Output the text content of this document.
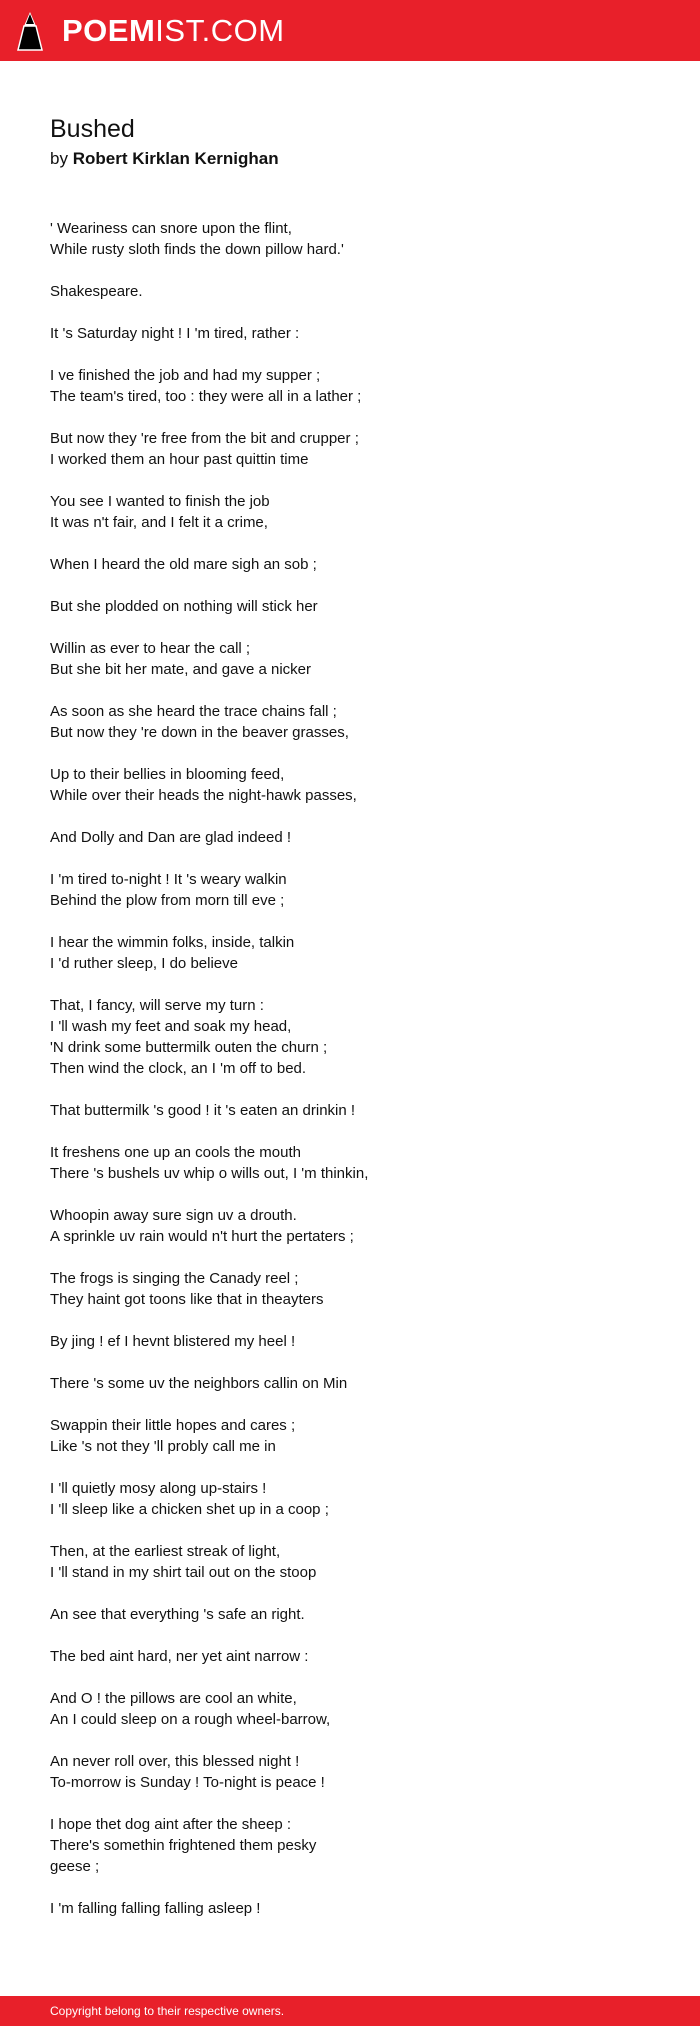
POEMIST.COM
Bushed
by Robert Kirklan Kernighan

' Weariness can snore upon the flint,
While rusty sloth finds the down pillow hard.'

Shakespeare.

It 's Saturday night ! I 'm tired, rather :

I ve finished the job and had my supper ;
The team's tired, too : they were all in a lather ;

But now they 're free from the bit and crupper ;
I worked them an hour past quittin time

You see I wanted to finish the job
It was n't fair, and I felt it a crime,

When I heard the old mare sigh an sob ;

But she plodded on nothing will stick her

Willin as ever to hear the call ;
But she bit her mate, and gave a nicker

As soon as she heard the trace chains fall ;
But now they 're down in the beaver grasses,

Up to their bellies in blooming feed,
While over their heads the night-hawk passes,

And Dolly and Dan are glad indeed !

I 'm tired to-night ! It 's weary walkin
Behind the plow from morn till eve ;

I hear the wimmin folks, inside, talkin
I 'd ruther sleep, I do believe

That, I fancy, will serve my turn :
I 'll wash my feet and soak my head,
'N drink some buttermilk outen the churn ;
Then wind the clock, an I 'm off to bed.

That buttermilk 's good ! it 's eaten an drinkin !

It freshens one up an cools the mouth
There 's bushels uv whip o wills out, I 'm thinkin,

Whoopin away sure sign uv a drouth.
A sprinkle uv rain would n't hurt the pertaters ;

The frogs is singing the Canady reel ;
They haint got toons like that in theayters

By jing ! ef I hevnt blistered my heel !

There 's some uv the neighbors callin on Min

Swappin their little hopes and cares ;
Like 's not they 'll probly call me in

I 'll quietly mosy along up-stairs !
I 'll sleep like a chicken shet up in a coop ;

Then, at the earliest streak of light,
I 'll stand in my shirt tail out on the stoop

An see that everything 's safe an right.

The bed aint hard, ner yet aint narrow :

And O ! the pillows are cool an white,
An I could sleep on a rough wheel-barrow,

An never roll over, this blessed night !
To-morrow is Sunday ! To-night is peace !

I hope thet dog aint after the sheep :
There's somethin frightened them pesky
geese ;

I 'm falling falling falling asleep !

Copyright belong to their respective owners.
